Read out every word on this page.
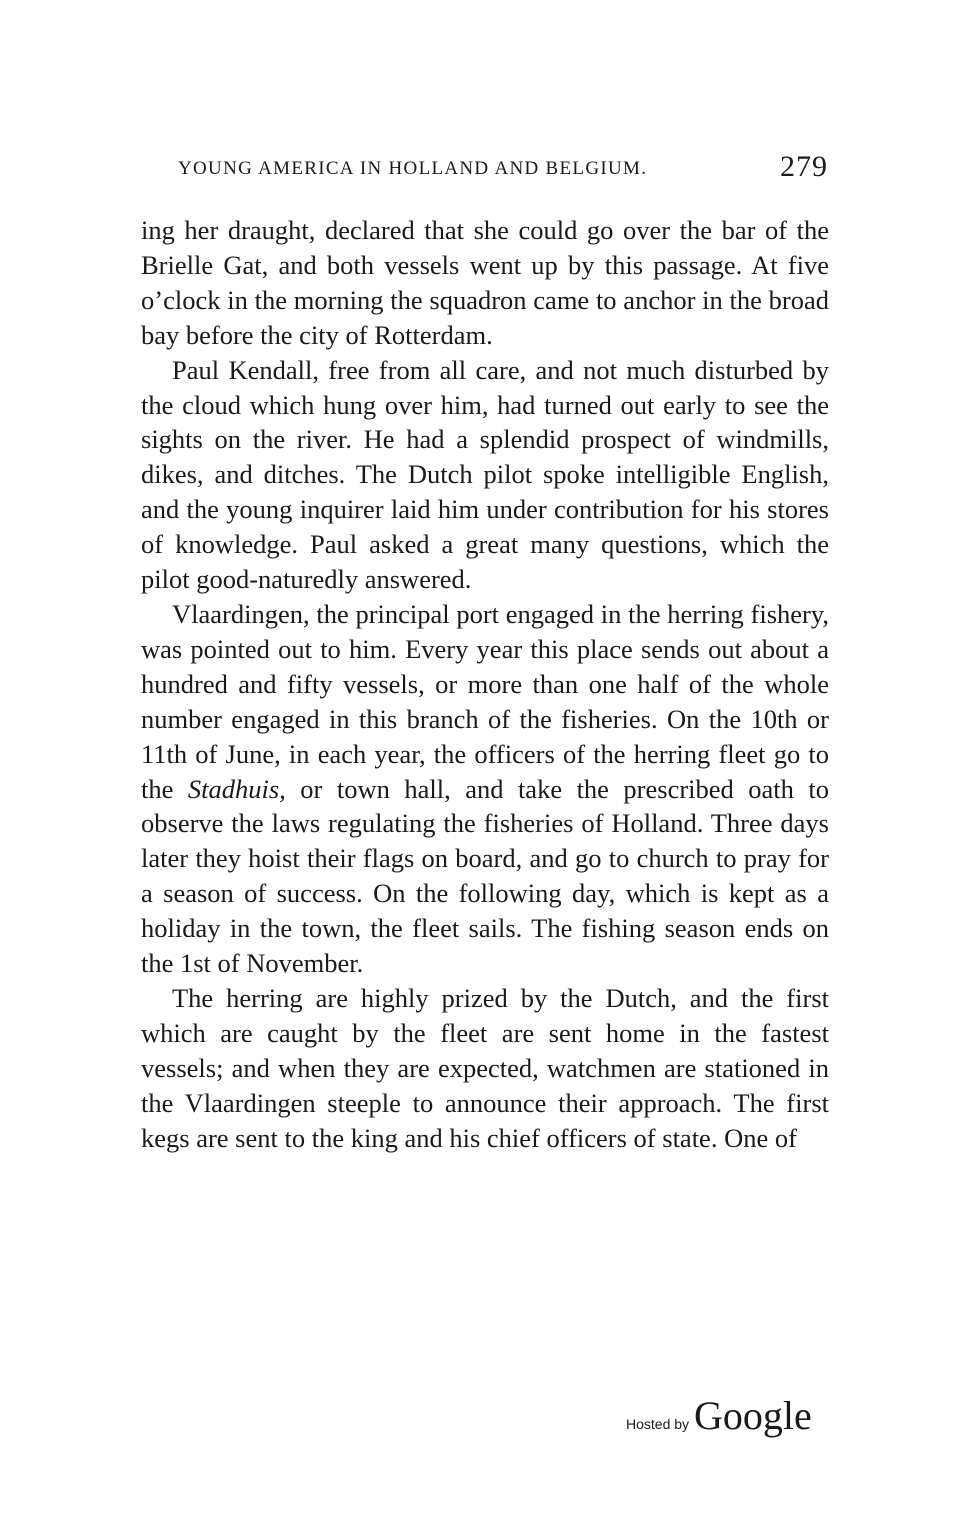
YOUNG AMERICA IN HOLLAND AND BELGIUM.	279

ing her draught, declared that she could go over the bar of the Brielle Gat, and both vessels went up by this passage. At five o’clock in the morning the squadron came to anchor in the broad bay before the city of Rotterdam.

Paul Kendall, free from all care, and not much disturbed by the cloud which hung over him, had turned out early to see the sights on the river. He had a splendid prospect of windmills, dikes, and ditches. The Dutch pilot spoke intelligible English, and the young inquirer laid him under contribution for his stores of knowledge. Paul asked a great many questions, which the pilot good-naturedly answered.

Vlaardingen, the principal port engaged in the herring fishery, was pointed out to him. Every year this place sends out about a hundred and fifty vessels, or more than one half of the whole number engaged in this branch of the fisheries. On the 10th or 11th of June, in each year, the officers of the herring fleet go to the Stadhuis, or town hall, and take the prescribed oath to observe the laws regulating the fisheries of Holland. Three days later they hoist their flags on board, and go to church to pray for a season of success. On the following day, which is kept as a holiday in the town, the fleet sails. The fishing season ends on the 1st of November.

The herring are highly prized by the Dutch, and the first which are caught by the fleet are sent home in the fastest vessels; and when they are expected, watchmen are stationed in the Vlaardingen steeple to announce their approach. The first kegs are sent to the king and his chief officers of state. One of

Hosted by Google
